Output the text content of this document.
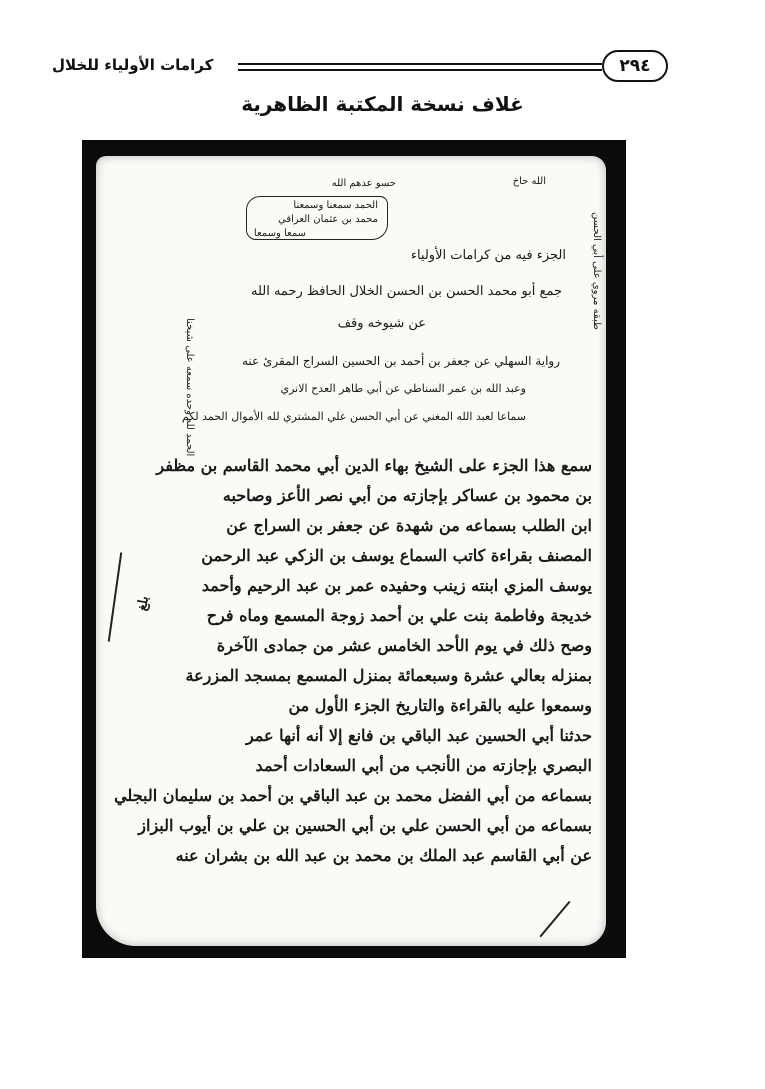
كرامات الأولياء للخلال	٢٩٤
غلاف نسخة المكتبة الظاهرية
الله حاخ
حسو عدهم الله
الحمد سمعنا وسمعنا
محمد بن عثمان العراقي
سمعا وسمعا
الجزء فيه من كرامات الأولياء
جمع أبو محمد الحسن بن الحسن الخلال الحافظ رحمه الله
عن شيوخه وقف
رواية السهلي عن جعفر بن أحمد بن الحسين السراج المقرئ عنه
وعبد الله بن عمر السناطي عن أبي طاهر العدح الانري
سماعا لعبد الله المغني عن أبي الحسن علي المشتري لله الأموال الحمد لكم
سمع هذا الجزء على الشيخ بهاء الدين أبي محمد القاسم بن مظفر
بن محمود بن عساكر بإجازته من أبي نصر الأعز وصاحبه
ابن الطلب بسماعه من شهدة عن جعفر بن السراج عن
المصنف بقراءة كاتب السماع يوسف بن الزكي عبد الرحمن
يوسف المزي ابنته زينب وحفيده عمر بن عبد الرحيم وأحمد
خديجة وفاطمة بنت علي بن أحمد زوجة المسمع وماه فرح
وصح ذلك في يوم الأحد الخامس عشر من جمادى الآخرة
بمنزله بعالي عشرة وسبعمائة بمنزل المسمع بمسجد المزرعة
وسمعوا عليه بالقراءة والتاريخ الجزء الأول من
حدثنا أبي الحسين عبد الباقي بن فانع إلا أنه أنها عمر
البصري بإجازته من الأنجب من أبي السعادات أحمد
بسماعه من أبي الفضل محمد بن عبد الباقي بن أحمد بن سليمان البجلي
بسماعه من أبي الحسن علي بن أبي الحسين بن علي بن أيوب البزاز
عن أبي القاسم عبد الملك بن محمد بن عبد الله بن بشران عنه
الحمد لله وحده سمعه على شيخنا
طبقه مروي على أبي الحسن
بلغ
